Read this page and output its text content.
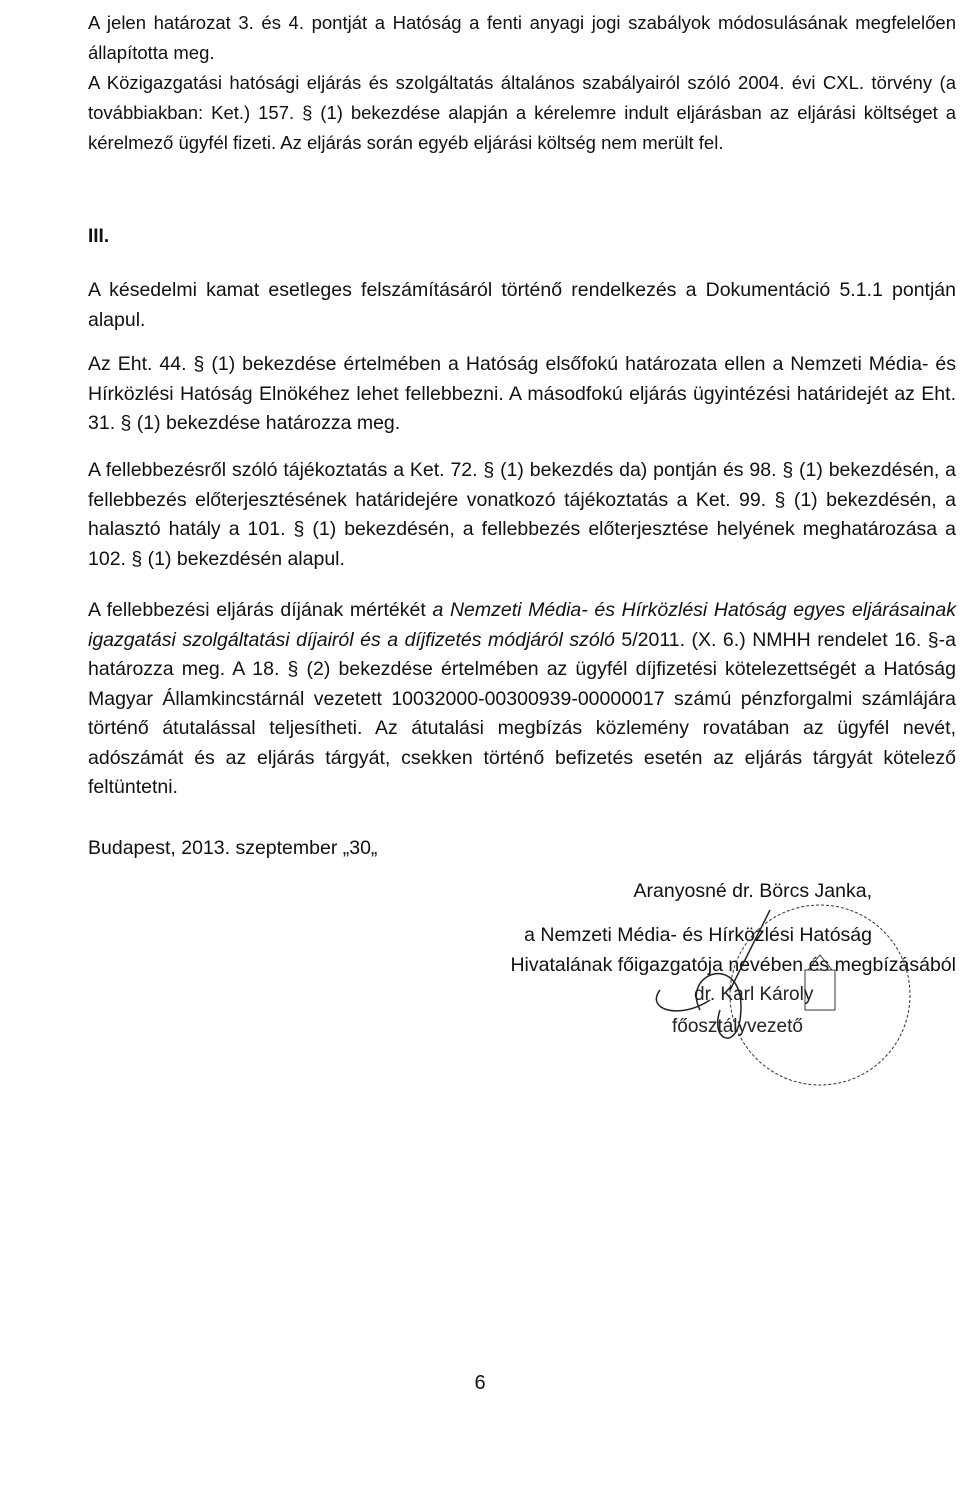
A jelen határozat 3. és 4. pontját a Hatóság a fenti anyagi jogi szabályok módosulásának megfelelően állapította meg.

A Közigazgatási hatósági eljárás és szolgáltatás általános szabályairól szóló 2004. évi CXL. törvény (a továbbiakban: Ket.) 157. § (1) bekezdése alapján a kérelemre indult eljárásban az eljárási költséget a kérelmező ügyfél fizeti. Az eljárás során egyéb eljárási költség nem merült fel.

III.

A késedelmi kamat esetleges felszámításáról történő rendelkezés a Dokumentáció 5.1.1 pontján alapul.

Az Eht. 44. § (1) bekezdése értelmében a Hatóság elsőfokú határozata ellen a Nemzeti Média- és Hírközlési Hatóság Elnökéhez lehet fellebbezni. A másodfokú eljárás ügyintézési határidejét az Eht. 31. § (1) bekezdése határozza meg.

A fellebbezésről szóló tájékoztatás a Ket. 72. § (1) bekezdés da) pontján és 98. § (1) bekezdésén, a fellebbezés előterjesztésének határidejére vonatkozó tájékoztatás a Ket. 99. § (1) bekezdésén, a halasztó hatály a 101. § (1) bekezdésén, a fellebbezés előterjesztése helyének meghatározása a 102. § (1) bekezdésén alapul.

A fellebbezési eljárás díjának mértékét a Nemzeti Média- és Hírközlési Hatóság egyes eljárásainak igazgatási szolgáltatási díjairól és a díjfizetés módjáról szóló 5/2011. (X. 6.) NMHH rendelet 16. §-a határozza meg. A 18. § (2) bekezdése értelmében az ügyfél díjfizetési kötelezettségét a Hatóság Magyar Államkincstárnál vezetett 10032000-00300939-00000017 számú pénzforgalmi számlájára történő átutalással teljesítheti. Az átutalási megbízás közlemény rovatában az ügyfél nevét, adószámát és az eljárás tárgyát, csekken történő befizetés esetén az eljárás tárgyát kötelező feltüntetni.

Budapest, 2013. szeptember „30„

Aranyosné dr. Börcs Janka,

a Nemzeti Média- és Hírközlési Hatóság

Hivatalának főigazgatója nevében és megbízásából

dr. Karl Károly
főosztályvezető
6
